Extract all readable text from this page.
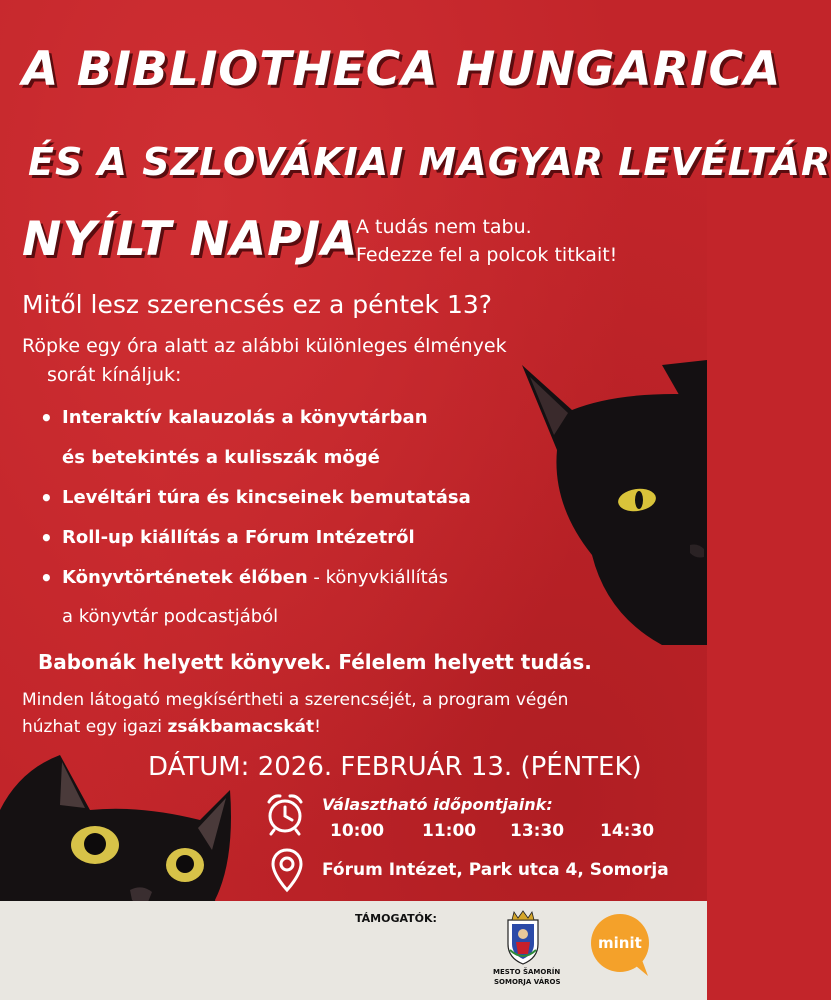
A BIBLIOTHECA HUNGARICA
ÉS A SZLOVÁKIAI MAGYAR LEVÉLTÁR
NYÍLT NAPJA
A tudás nem tabu.
Fedezze fel a polcok titkait!
Mitől lesz szerencsés ez a péntek 13?
Röpke egy óra alatt az alábbi különleges élmények
sorát kínáljuk:
• Interaktív kalauzolás a könyvtárban
és betekintés a kulisszák mögé
• Levéltári túra és kincseinek bemutatása
• Roll-up kiállítás a Fórum Intézetről
• Könyvtörténetek élőben - könyvkiállítás
a könyvtár podcastjából
Babonák helyett könyvek. Félelem helyett tudás.
Minden látogató megkísértheti a szerencséjét, a program végén
húzhat egy igazi zsákbamacskát!
DÁTUM: 2026. FEBRUÁR 13. (PÉNTEK)
Választható időpontjaink:
10:00 11:00 13:30 14:30
Fórum Intézet, Park utca 4, Somorja
TÁMOGATÓK:
MESTO ŠAMORÍN
SOMORJA VÁROS
minit
